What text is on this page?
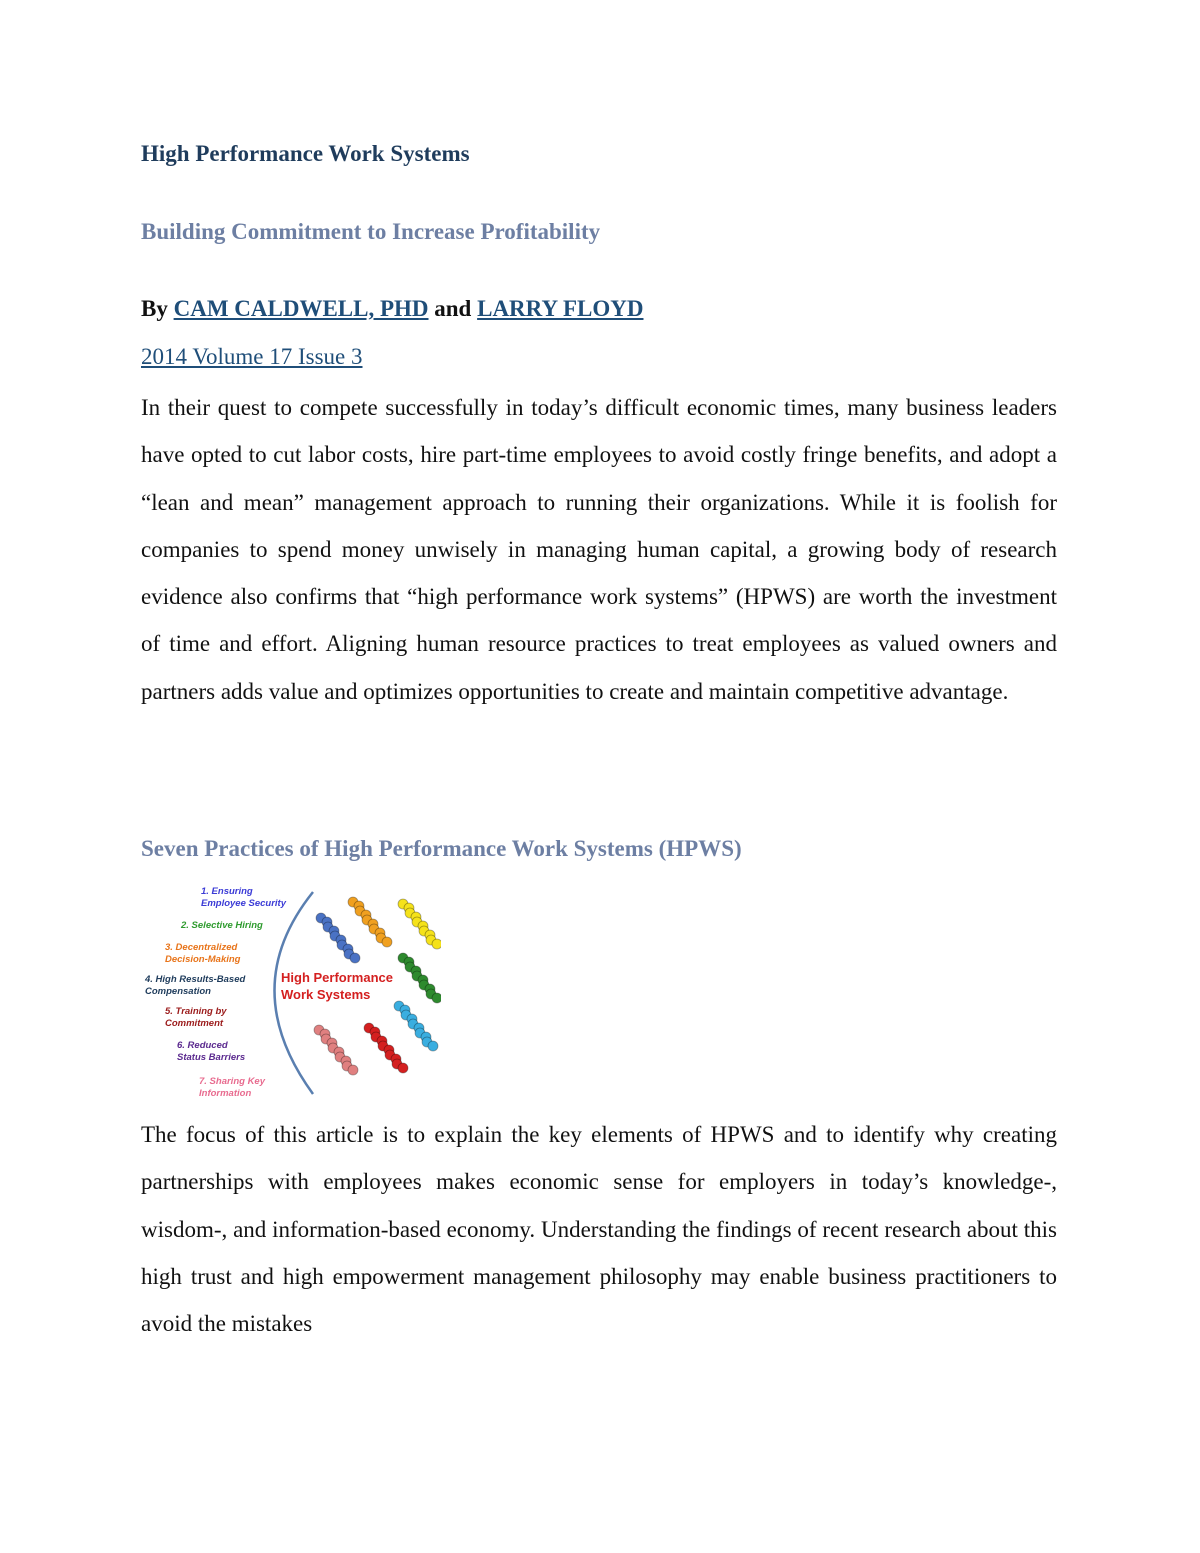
High Performance Work Systems
Building Commitment to Increase Profitability
By CAM CALDWELL, PHD and LARRY FLOYD
2014 Volume 17 Issue 3

In their quest to compete successfully in today’s difficult economic times, many business leaders have opted to cut labor costs, hire part-time employees to avoid costly fringe benefits, and adopt a “lean and mean” management approach to running their organizations. While it is foolish for companies to spend money unwisely in managing human capital, a growing body of research evidence also confirms that “high performance work systems” (HPWS) are worth the investment of time and effort. Aligning human resource practices to treat employees as valued owners and partners adds value and optimizes opportunities to create and maintain competitive advantage.

Seven Practices of High Performance Work Systems (HPWS)
1. Ensuring
Employee Security
2. Selective Hiring
3. Decentralized
Decision-Making
4. High Results-Based
Compensation
5. Training by
Commitment
6. Reduced
Status Barriers
7. Sharing Key
Information
High Performance
Work Systems

The focus of this article is to explain the key elements of HPWS and to identify why creating partnerships with employees makes economic sense for employers in today’s knowledge-, wisdom-, and information-based economy. Understanding the findings of recent research about this high trust and high empowerment management philosophy may enable business practitioners to avoid the mistakes
